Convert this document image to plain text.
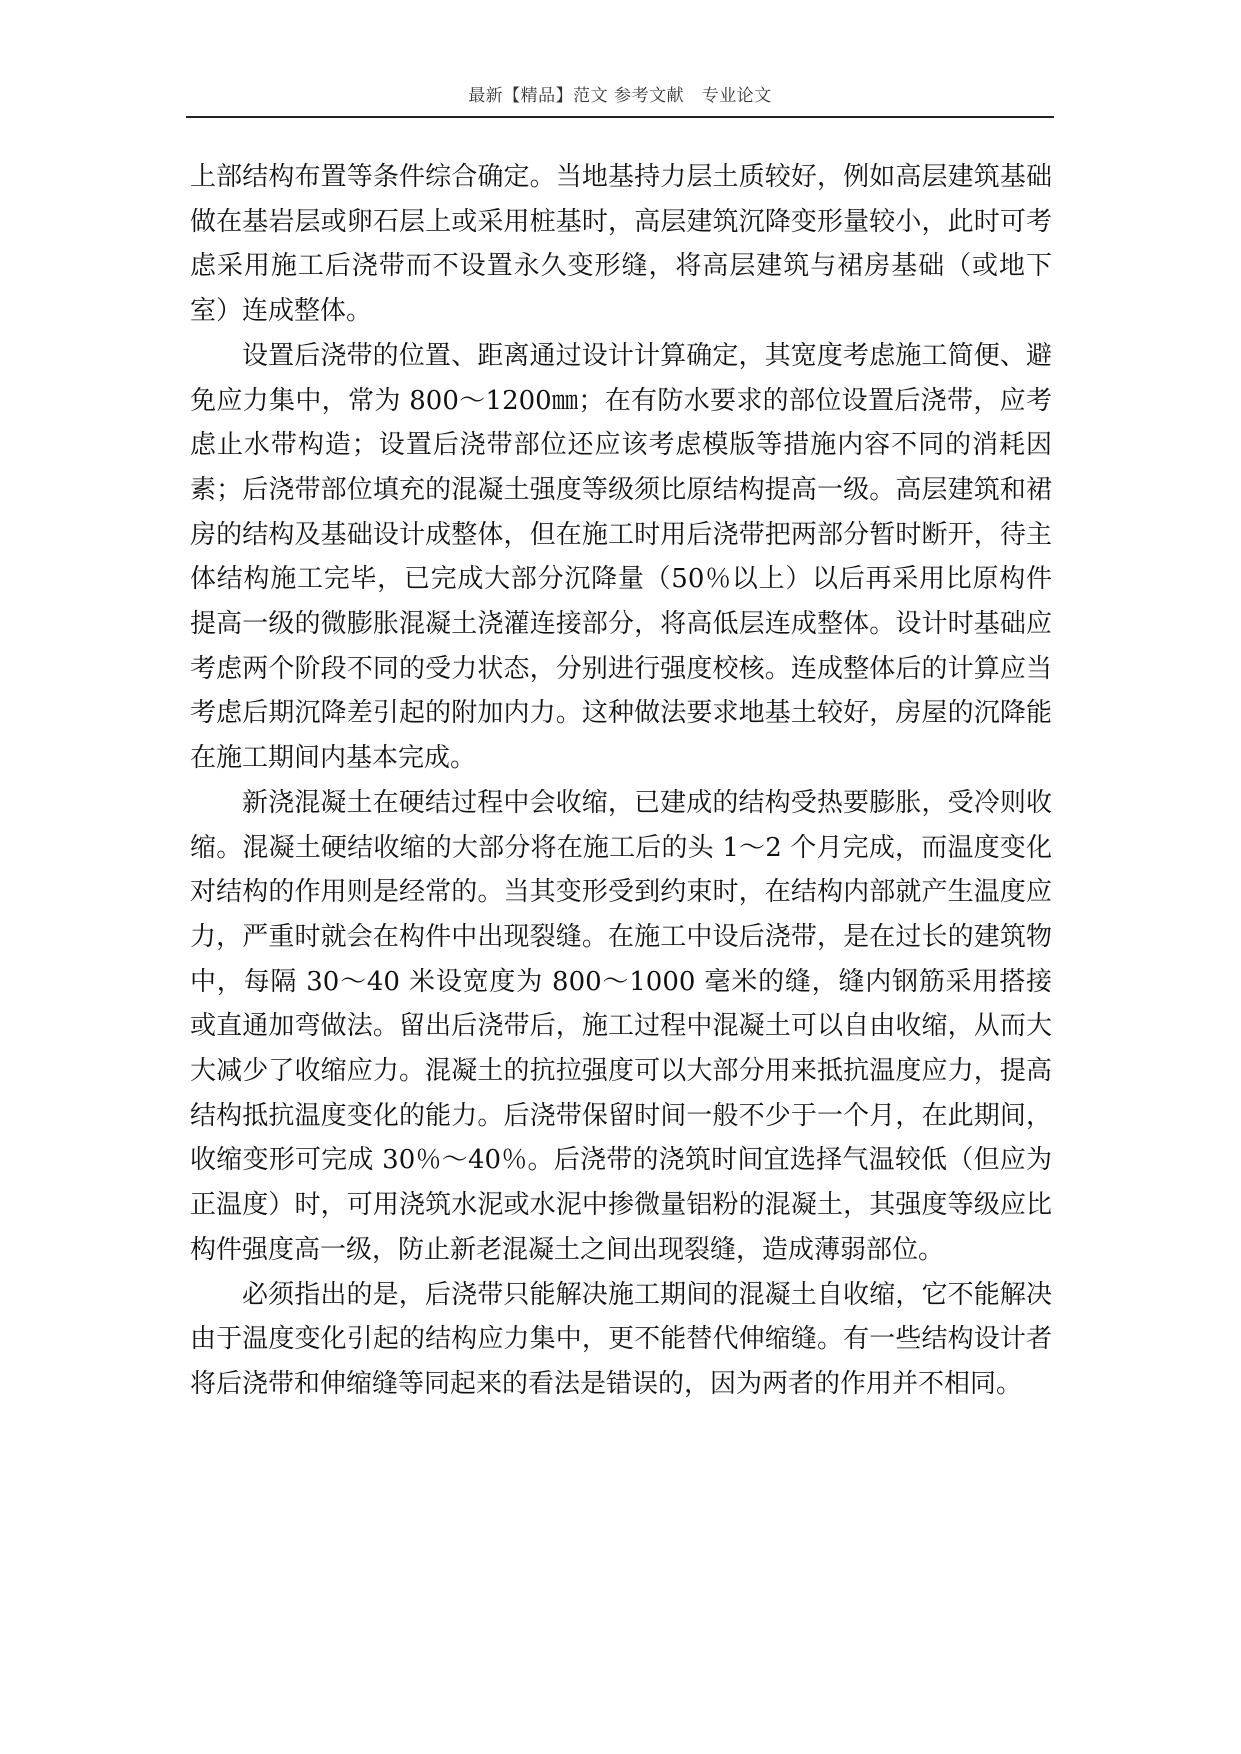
最新【精品】范文 参考文献   专业论文

上部结构布置等条件综合确定。当地基持力层土质较好，例如高层建筑基础做在基岩层或卵石层上或采用桩基时，高层建筑沉降变形量较小，此时可考虑采用施工后浇带而不设置永久变形缝，将高层建筑与裙房基础（或地下室）连成整体。

设置后浇带的位置、距离通过设计计算确定，其宽度考虑施工简便、避免应力集中，常为 800～1200㎜；在有防水要求的部位设置后浇带，应考虑止水带构造；设置后浇带部位还应该考虑模版等措施内容不同的消耗因素；后浇带部位填充的混凝土强度等级须比原结构提高一级。高层建筑和裙房的结构及基础设计成整体，但在施工时用后浇带把两部分暂时断开，待主体结构施工完毕，已完成大部分沉降量（50％以上）以后再采用比原构件提高一级的微膨胀混凝土浇灌连接部分，将高低层连成整体。设计时基础应考虑两个阶段不同的受力状态，分别进行强度校核。连成整体后的计算应当考虑后期沉降差引起的附加内力。这种做法要求地基土较好，房屋的沉降能在施工期间内基本完成。

新浇混凝土在硬结过程中会收缩，已建成的结构受热要膨胀，受冷则收缩。混凝土硬结收缩的大部分将在施工后的头 1～2 个月完成，而温度变化对结构的作用则是经常的。当其变形受到约束时，在结构内部就产生温度应力，严重时就会在构件中出现裂缝。在施工中设后浇带，是在过长的建筑物中，每隔 30～40 米设宽度为 800～1000 毫米的缝，缝内钢筋采用搭接或直通加弯做法。留出后浇带后，施工过程中混凝土可以自由收缩，从而大大减少了收缩应力。混凝土的抗拉强度可以大部分用来抵抗温度应力，提高结构抵抗温度变化的能力。后浇带保留时间一般不少于一个月，在此期间，收缩变形可完成 30％～40％。后浇带的浇筑时间宜选择气温较低（但应为正温度）时，可用浇筑水泥或水泥中掺微量铝粉的混凝土，其强度等级应比构件强度高一级，防止新老混凝土之间出现裂缝，造成薄弱部位。

必须指出的是，后浇带只能解决施工期间的混凝土自收缩，它不能解决由于温度变化引起的结构应力集中，更不能替代伸缩缝。有一些结构设计者将后浇带和伸缩缝等同起来的看法是错误的，因为两者的作用并不相同。
